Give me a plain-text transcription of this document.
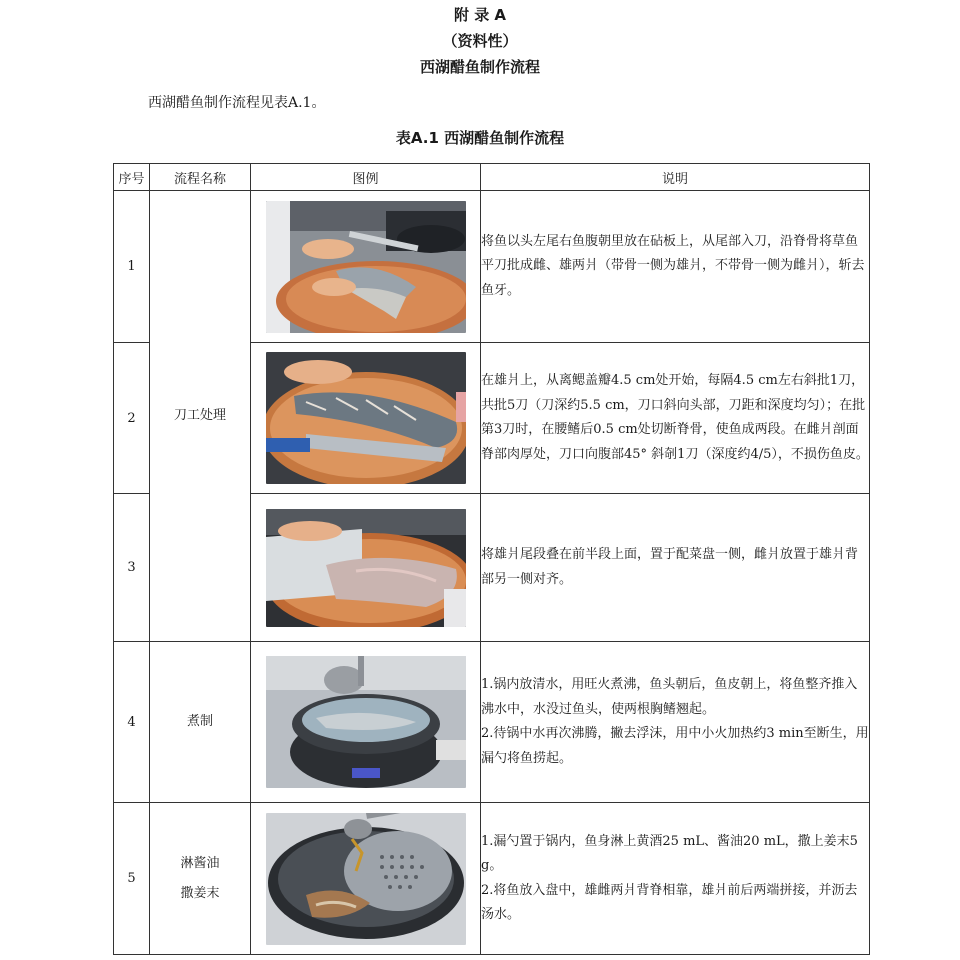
附 录 A
（资料性）
西湖醋鱼制作流程
西湖醋鱼制作流程见表A.1。
表A.1 西湖醋鱼制作流程
序号	流程名称	图例	说明
1	刀工处理		将鱼以头左尾右鱼腹朝里放在砧板上，从尾部入刀，沿脊骨将草鱼平刀批成雌、雄两爿（带骨一侧为雄爿，不带骨一侧为雌爿），斩去鱼牙。

2			在雄爿上，从离鳃盖瓣4.5 cm处开始，每隔4.5 cm左右斜批1刀，共批5刀（刀深约5.5 cm，刀口斜向头部，刀距和深度均匀）；在批第3刀时，在腰鳍后0.5 cm处切断脊骨，使鱼成两段。在雌爿剖面脊部肉厚处，刀口向腹部45° 斜剞1刀（深度约4/5），不损伤鱼皮。

3			将雄爿尾段叠在前半段上面，置于配菜盘一侧，雌爿放置于雄爿背部另一侧对齐。

4	煮制		1.锅内放清水，用旺火煮沸，鱼头朝后，鱼皮朝上，将鱼整齐推入沸水中，水没过鱼头，使两根胸鳍翘起。
2.待锅中水再次沸腾，撇去浮沫，用中小火加热约3 min至断生，用漏勺将鱼捞起。

5	淋酱油
撒姜末		1.漏勺置于锅内，鱼身淋上黄酒25 mL、酱油20 mL，撒上姜末5 g。
2.将鱼放入盘中，雄雌两爿背脊相靠，雄爿前后两端拼接，并沥去汤水。
